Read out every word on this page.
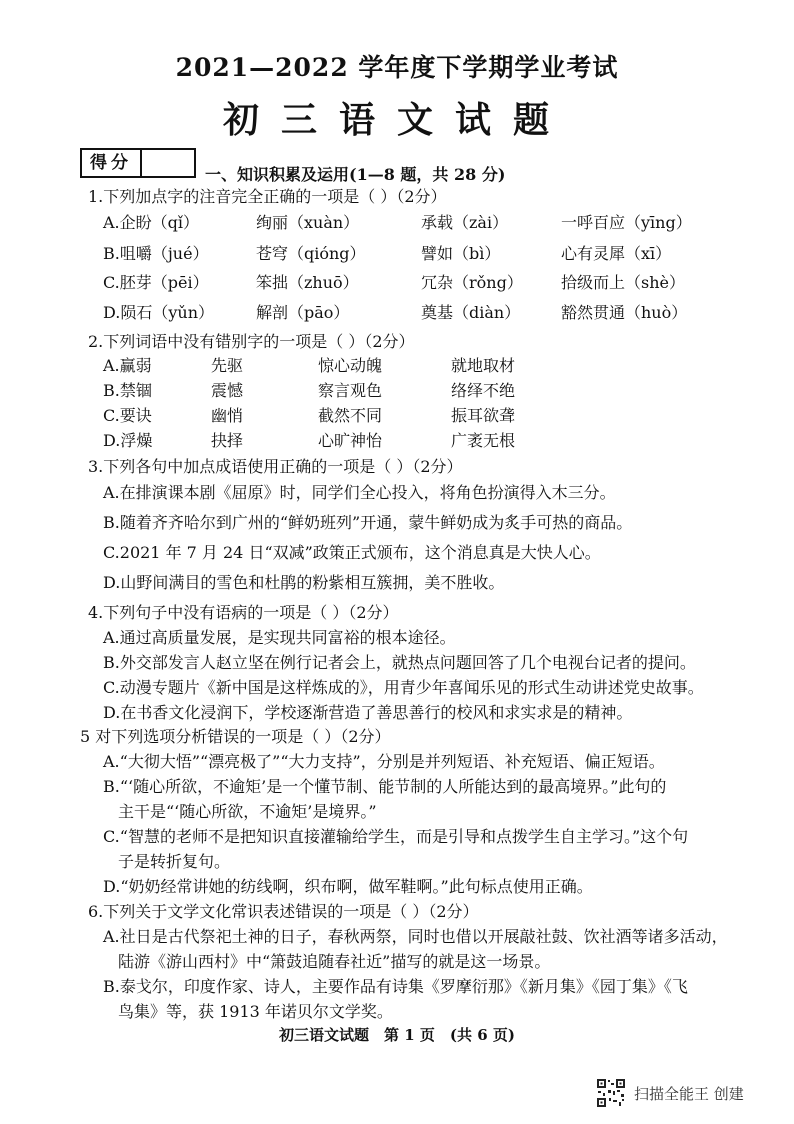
2021—2022 学年度下学期学业考试
初三语文试题
得分
一、知识积累及运用(1—8 题，共 28 分)
1.下列加点字的注音完全正确的一项是（ ）（2分）
A.企盼（qǐ）	绚丽（xuàn）	承载（zài）	一呼百应（yīng）
B.咀嚼（jué）	苍穹（qióng）	譬如（bì）	心有灵犀（xī）
C.胚芽（pēi）	笨拙（zhuō）	冗杂（rǒng） 拾级而上（shè）
D.陨石（yǔn）	解剖（pāo）	奠基（diàn）	豁然贯通（huò）
2.下列词语中没有错别字的一项是（ ）（2分）
A.赢弱	先驱	惊心动魄	就地取材
B.禁锢	震憾	察言观色	络绎不绝
C.要诀	幽悄	截然不同	振耳欲聋
D.浮燥	抉择	心旷神怡	广袤无根
3.下列各句中加点成语使用正确的一项是（ ）（2分）
A.在排演课本剧《屈原》时，同学们全心投入，将角色扮演得入木三分。
B.随着齐齐哈尔到广州的“鲜奶班列”开通，蒙牛鲜奶成为炙手可热的商品。
C.2021 年 7 月 24 日“双减”政策正式颁布，这个消息真是大快人心。
D.山野间满目的雪色和杜鹃的粉紫相互簇拥，美不胜收。
4.下列句子中没有语病的一项是（ ）（2分）
A.通过高质量发展，是实现共同富裕的根本途径。
B.外交部发言人赵立坚在例行记者会上，就热点问题回答了几个电视台记者的提问。
C.动漫专题片《新中国是这样炼成的》，用青少年喜闻乐见的形式生动讲述党史故事。
D.在书香文化浸润下，学校逐渐营造了善思善行的校风和求实求是的精神。
5 对下列选项分析错误的一项是（ ）（2分）
A.“大彻大悟”“漂亮极了”“大力支持”，分别是并列短语、补充短语、偏正短语。
B.“‘随心所欲，不逾矩’是一个懂节制、能节制的人所能达到的最高境界。”此句的
主干是“‘随心所欲，不逾矩’是境界。”
C.“智慧的老师不是把知识直接灌输给学生，而是引导和点拨学生自主学习。”这个句
子是转折复句。
D.“奶奶经常讲她的纺线啊，织布啊，做军鞋啊。”此句标点使用正确。
6.下列关于文学文化常识表述错误的一项是（ ）（2分）
A.社日是古代祭祀土神的日子，春秋两祭，同时也借以开展敲社鼓、饮社酒等诸多活动，
陆游《游山西村》中“箫鼓追随春社近”描写的就是这一场景。
B.泰戈尔，印度作家、诗人，主要作品有诗集《罗摩衍那》《新月集》《园丁集》《飞
鸟集》等，获 1913 年诺贝尔文学奖。
初三语文试题　第 1 页　(共 6 页)
扫描全能王 创建
